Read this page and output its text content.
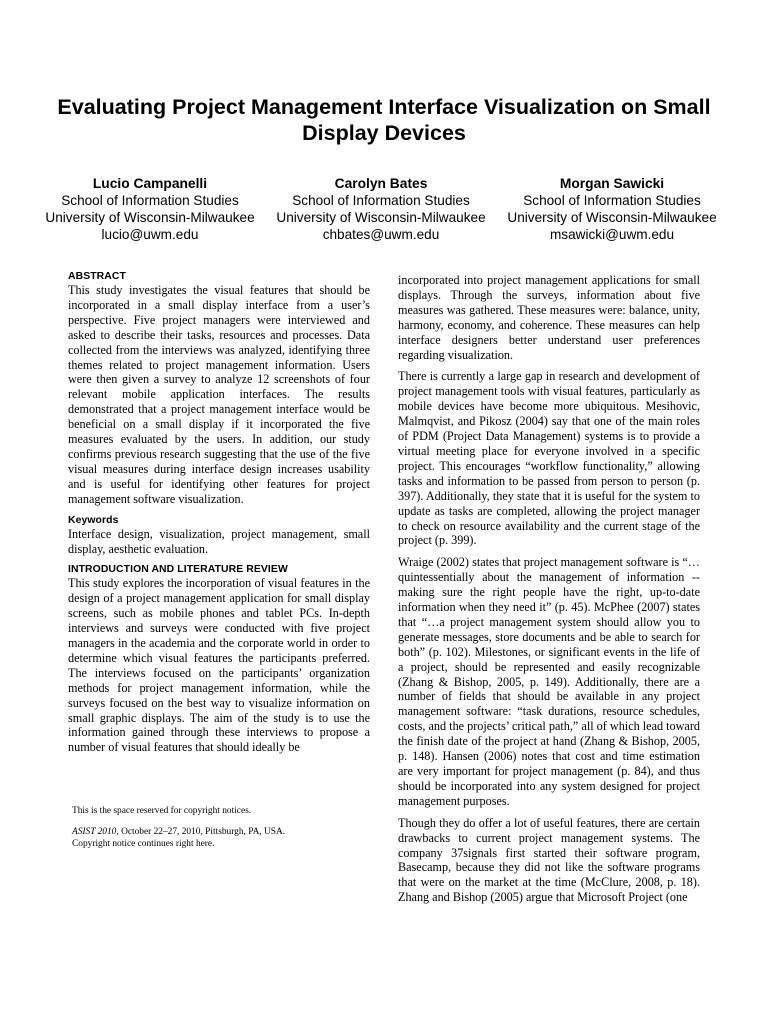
Evaluating Project Management Interface Visualization on Small Display Devices
Lucio Campanelli
School of Information Studies
University of Wisconsin-Milwaukee
lucio@uwm.edu
Carolyn Bates
School of Information Studies
University of Wisconsin-Milwaukee
chbates@uwm.edu
Morgan Sawicki
School of Information Studies
University of Wisconsin-Milwaukee
msawicki@uwm.edu
ABSTRACT

This study investigates the visual features that should be incorporated in a small display interface from a user’s perspective. Five project managers were interviewed and asked to describe their tasks, resources and processes. Data collected from the interviews was analyzed, identifying three themes related to project management information. Users were then given a survey to analyze 12 screenshots of four relevant mobile application interfaces. The results demonstrated that a project management interface would be beneficial on a small display if it incorporated the five measures evaluated by the users. In addition, our study confirms previous research suggesting that the use of the five visual measures during interface design increases usability and is useful for identifying other features for project management software visualization.

Keywords

Interface design, visualization, project management, small display, aesthetic evaluation.

INTRODUCTION AND LITERATURE REVIEW

This study explores the incorporation of visual features in the design of a project management application for small display screens, such as mobile phones and tablet PCs. In-depth interviews and surveys were conducted with five project managers in the academia and the corporate world in order to determine which visual features the participants preferred. The interviews focused on the participants’ organization methods for project management information, while the surveys focused on the best way to visualize information on small graphic displays. The aim of the study is to use the information gained through these interviews to propose a number of visual features that should ideally be

This is the space reserved for copyright notices.
ASIST 2010, October 22–27, 2010, Pittsburgh, PA, USA.
Copyright notice continues right here.

incorporated into project management applications for small displays. Through the surveys, information about five measures was gathered. These measures were: balance, unity, harmony, economy, and coherence. These measures can help interface designers better understand user preferences regarding visualization.

There is currently a large gap in research and development of project management tools with visual features, particularly as mobile devices have become more ubiquitous. Mesihovic, Malmqvist, and Pikosz (2004) say that one of the main roles of PDM (Project Data Management) systems is to provide a virtual meeting place for everyone involved in a specific project. This encourages “workflow functionality,” allowing tasks and information to be passed from person to person (p. 397). Additionally, they state that it is useful for the system to update as tasks are completed, allowing the project manager to check on resource availability and the current stage of the project (p. 399).

Wraige (2002) states that project management software is “…quintessentially about the management of information -- making sure the right people have the right, up-to-date information when they need it” (p. 45). McPhee (2007) states that “…a project management system should allow you to generate messages, store documents and be able to search for both” (p. 102). Milestones, or significant events in the life of a project, should be represented and easily recognizable (Zhang & Bishop, 2005, p. 149). Additionally, there are a number of fields that should be available in any project management software: “task durations, resource schedules, costs, and the projects’ critical path,” all of which lead toward the finish date of the project at hand (Zhang & Bishop, 2005, p. 148). Hansen (2006) notes that cost and time estimation are very important for project management (p. 84), and thus should be incorporated into any system designed for project management purposes.

Though they do offer a lot of useful features, there are certain drawbacks to current project management systems. The company 37signals first started their software program, Basecamp, because they did not like the software programs that were on the market at the time (McClure, 2008, p. 18). Zhang and Bishop (2005) argue that Microsoft Project (one
